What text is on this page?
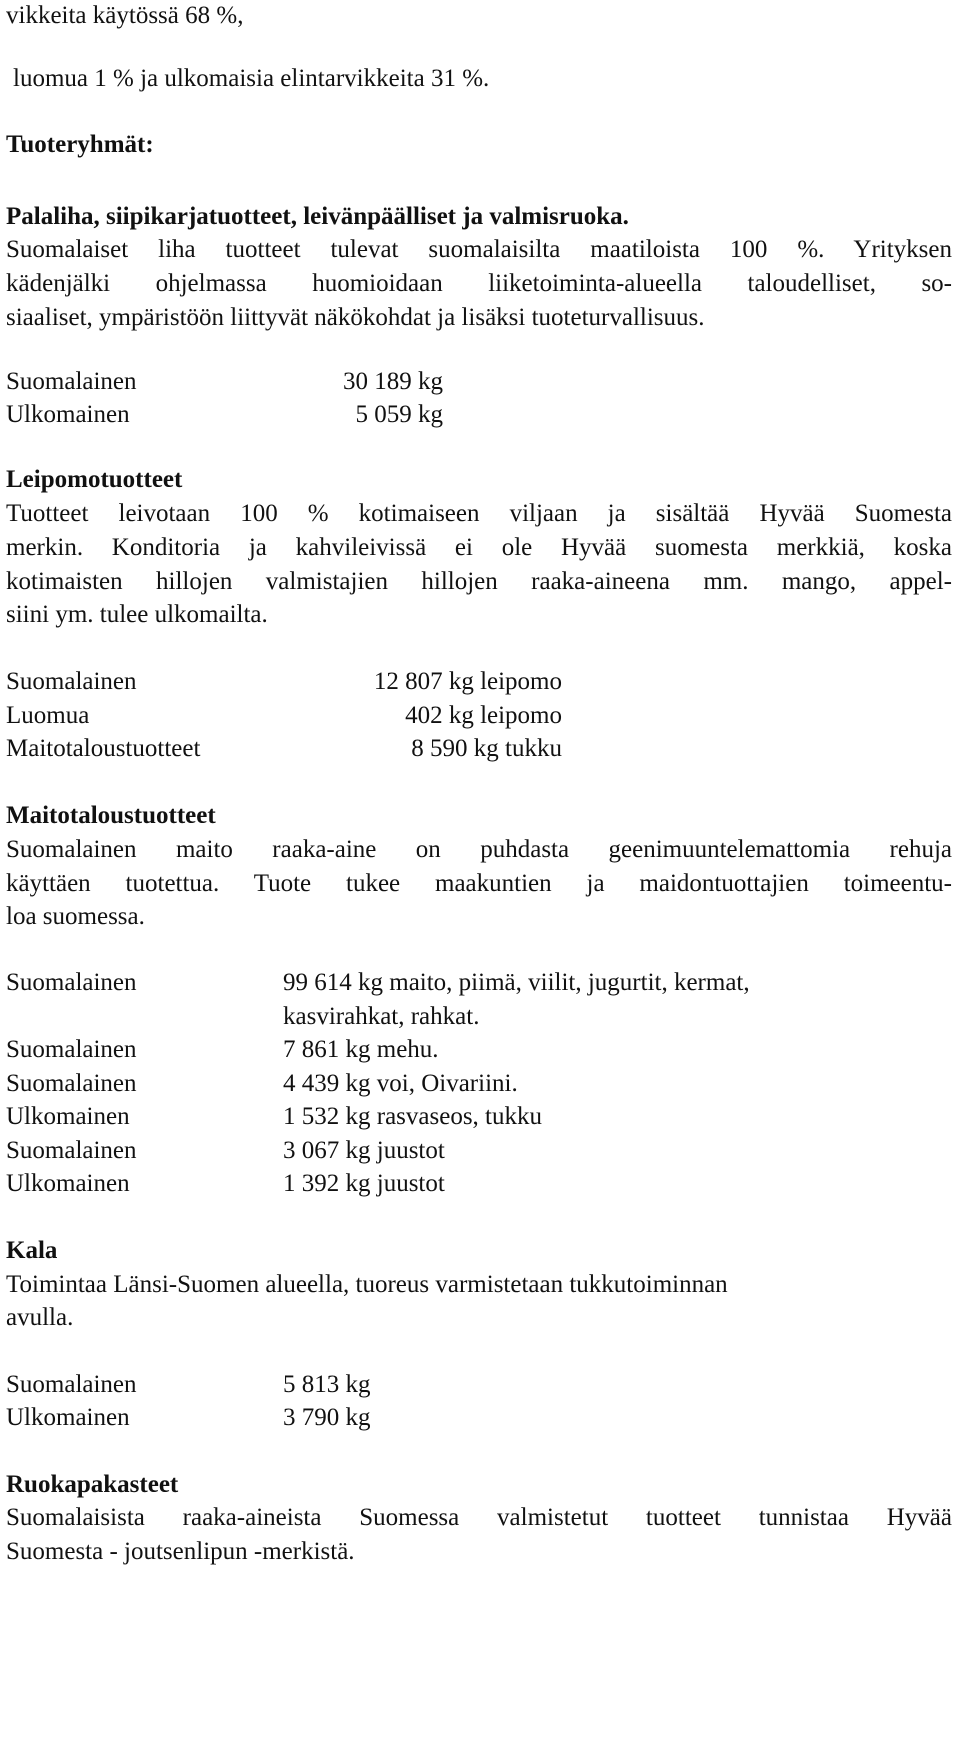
vikkeita käytössä 68 %,

luomua 1 % ja ulkomaisia elintarvikkeita 31 %.

Tuoteryhmät:

Palaliha, siipikarjatuotteet, leivänpäälliset ja valmisruoka.

Suomalaiset liha tuotteet tulevat suomalaisilta maatiloista 100 %. Yrityksen

kädenjälki ohjelmassa huomioidaan liiketoiminta-alueella taloudelliset, so-

siaaliset, ympäristöön liittyvät näkökohdat ja lisäksi tuoteturvallisuus.

Suomalainen	30 189 kg
Ulkomainen	5 059 kg

Leipomotuotteet

Tuotteet leivotaan 100 % kotimaiseen viljaan ja sisältää Hyvää Suomesta

merkin. Konditoria ja kahvileivissä ei ole Hyvää suomesta merkkiä, koska

kotimaisten hillojen valmistajien hillojen raaka-aineena mm. mango, appel-

siini ym. tulee ulkomailta.

Suomalainen	12 807 kg leipomo
Luomua	402 kg leipomo
Maitotaloustuotteet	8 590 kg tukku

Maitotaloustuotteet

Suomalainen maito raaka-aine on puhdasta geenimuuntelemattomia rehuja

käyttäen tuotettua. Tuote tukee maakuntien ja maidontuottajien toimeentu-

loa suomessa.

Suomalainen	99 614 kg maito, piimä, viilit, jugurtit, kermat,
kasvirahkat, rahkat.
Suomalainen	7 861 kg mehu.
Suomalainen	4 439 kg voi, Oivariini.
Ulkomainen	1 532 kg rasvaseos, tukku
Suomalainen	3 067 kg juustot
Ulkomainen	1 392 kg juustot

Kala

Toimintaa Länsi-Suomen alueella, tuoreus varmistetaan tukkutoiminnan

avulla.

Suomalainen	5 813 kg
Ulkomainen	3 790 kg

Ruokapakasteet

Suomalaisista raaka-aineista Suomessa valmistetut tuotteet tunnistaa Hyvää

Suomesta - joutsenlipun -merkistä.
